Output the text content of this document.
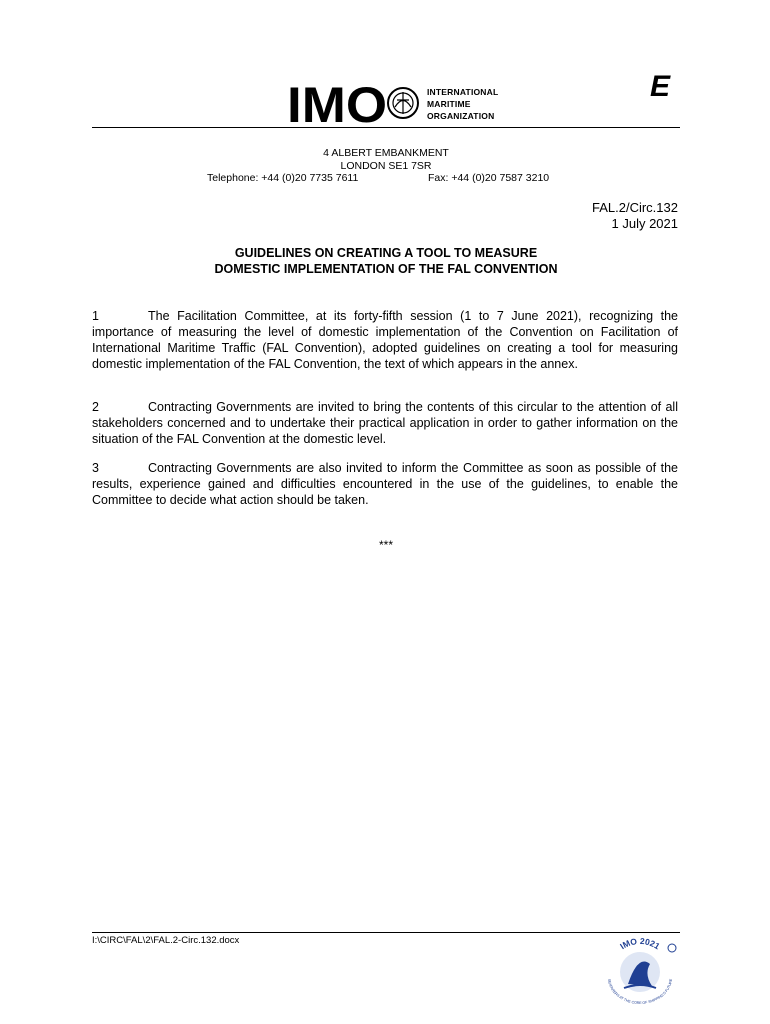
IMO	INTERNATIONAL
MARITIME
ORGANIZATION
E
4 ALBERT EMBANKMENT
LONDON SE1 7SR
Telephone: +44 (0)20 7735 7611	Fax: +44 (0)20 7587 3210
FAL.2/Circ.132
1 July 2021
GUIDELINES ON CREATING A TOOL TO MEASURE
DOMESTIC IMPLEMENTATION OF THE FAL CONVENTION
1	The Facilitation Committee, at its forty-fifth session (1 to 7 June 2021), recognizing the importance of measuring the level of domestic implementation of the Convention on Facilitation of International Maritime Traffic (FAL Convention), adopted guidelines on creating a tool for measuring domestic implementation of the FAL Convention, the text of which appears in the annex.
2	Contracting Governments are invited to bring the contents of this circular to the attention of all stakeholders concerned and to undertake their practical application in order to gather information on the situation of the FAL Convention at the domestic level.
3	Contracting Governments are also invited to inform the Committee as soon as possible of the results, experience gained and difficulties encountered in the use of the guidelines, to enable the Committee to decide what action should be taken.
***
I:\CIRC\FAL\2\FAL.2-Circ.132.docx
IMO 2021
SEAFARERS AT THE CORE OF SHIPPING'S FUTURE
